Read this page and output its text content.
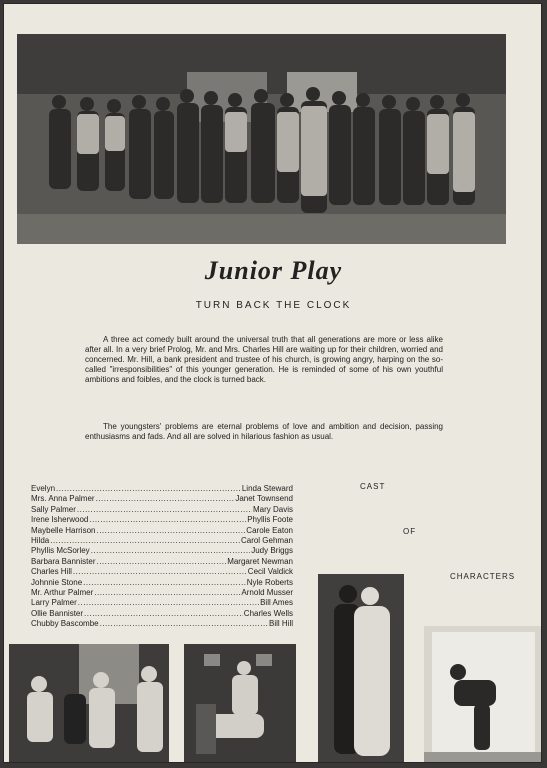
Junior Play
TURN BACK THE CLOCK

A three act comedy built around the universal truth that all generations are more or less alike after all. In a very brief Prolog, Mr. and Mrs. Charles Hill are waiting up for their children, worried and concerned. Mr. Hill, a bank president and trustee of his church, is growing angry, harping on the so-called "irresponsibilities" of this younger generation. He is reminded of some of his own youthful ambitions and foibles, and the clock is turned back.

The youngsters' problems are eternal problems of love and ambition and decision, passing enthusiasms and fads. And all are solved in hilarious fashion as usual.

Evelyn .....	Linda Steward
Mrs. Anna Palmer .....	Janet Townsend
Sally Palmer .....	Mary Davis
Irene Isherwood .....	Phyllis Foote
Maybelle Harrison .....	Carole Eaton
Hilda .....	Carol Gehman
Phyllis McSorley .....	Judy Briggs
Barbara Bannister .....	Margaret Newman
Charles Hill .....	Cecil Valdick
Johnnie Stone .....	Nyle Roberts
Mr. Arthur Palmer .....	Arnold Musser
Larry Palmer .....	Bill Ames
Ollie Bannister .....	Charles Wells
Chubby Bascombe .....	Bill Hill
CAST
OF
CHARACTERS
